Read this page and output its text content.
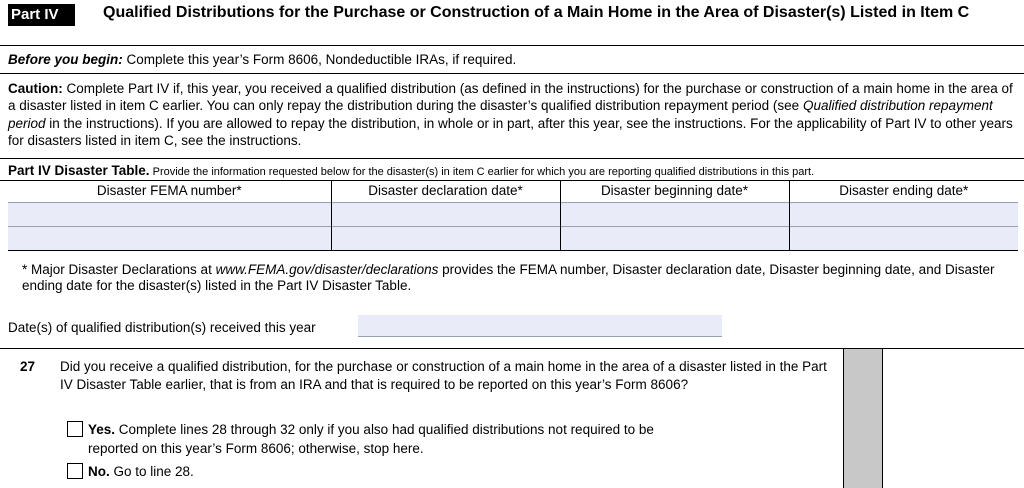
Part IV	Qualified Distributions for the Purchase or Construction of a Main Home in the Area of Disaster(s) Listed in Item C
Before you begin: Complete this year’s Form 8606, Nondeductible IRAs, if required.
Caution: Complete Part IV if, this year, you received a qualified distribution (as defined in the instructions) for the purchase or construction of a main home in the area of a disaster listed in item C earlier. You can only repay the distribution during the disaster’s qualified distribution repayment period (see Qualified distribution repayment period in the instructions). If you are allowed to repay the distribution, in whole or in part, after this year, see the instructions. For the applicability of Part IV to other years for disasters listed in item C, see the instructions.
Part IV Disaster Table. Provide the information requested below for the disaster(s) in item C earlier for which you are reporting qualified distributions in this part.
Disaster FEMA number*	Disaster declaration date*	Disaster beginning date*	Disaster ending date*

* Major Disaster Declarations at www.FEMA.gov/disaster/declarations provides the FEMA number, Disaster declaration date, Disaster beginning date, and Disaster ending date for the disaster(s) listed in the Part IV Disaster Table.
Date(s) of qualified distribution(s) received this year
27 Did you receive a qualified distribution, for the purchase or construction of a main home in the area of a disaster listed in the Part IV Disaster Table earlier, that is from an IRA and that is required to be reported on this year’s Form 8606?
Yes. Complete lines 28 through 32 only if you also had qualified distributions not required to be
reported on this year’s Form 8606; otherwise, stop here.
No. Go to line 28.
